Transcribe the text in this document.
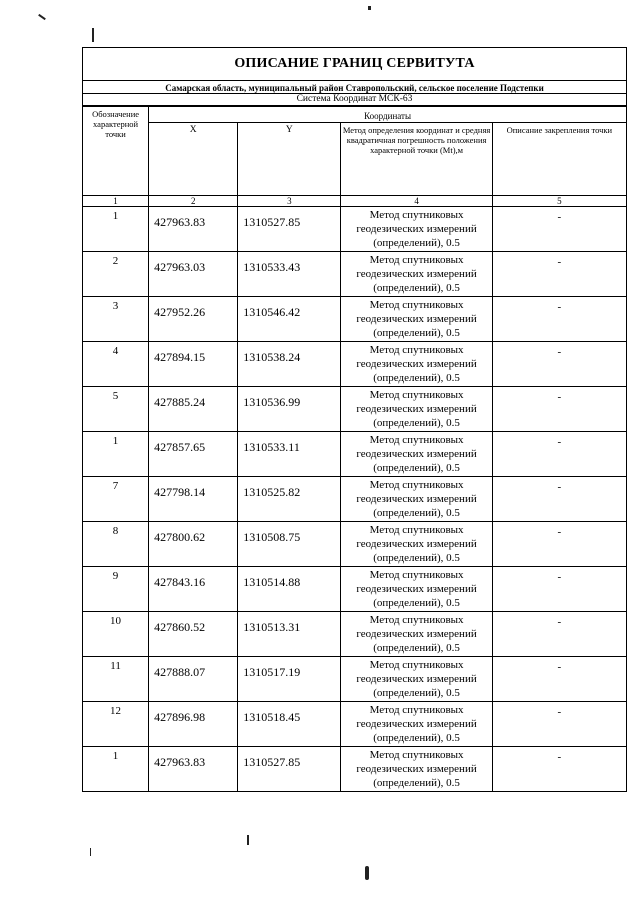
ОПИСАНИЕ ГРАНИЦ СЕРВИТУТА
Самарская область, муниципальный район Ставропольский, сельское поселение Подстепки
Система Координат МСК-63
Обозначение характерной точки	Координаты			
	X	Y	Метод определения координат и средняя квадратичная погрешность положения характерной точки (Mt),м	Описание закрепления точки
1	2	3	4	5
1	427963.83	1310527.85	Метод спутниковых геодезических измерений (определений), 0.5	-
2	427963.03	1310533.43	Метод спутниковых геодезических измерений (определений), 0.5	-
3	427952.26	1310546.42	Метод спутниковых геодезических измерений (определений), 0.5	-
4	427894.15	1310538.24	Метод спутниковых геодезических измерений (определений), 0.5	-
5	427885.24	1310536.99	Метод спутниковых геодезических измерений (определений), 0.5	-
1	427857.65	1310533.11	Метод спутниковых геодезических измерений (определений), 0.5	-
7	427798.14	1310525.82	Метод спутниковых геодезических измерений (определений), 0.5	-
8	427800.62	1310508.75	Метод спутниковых геодезических измерений (определений), 0.5	-
9	427843.16	1310514.88	Метод спутниковых геодезических измерений (определений), 0.5	-
10	427860.52	1310513.31	Метод спутниковых геодезических измерений (определений), 0.5	-
11	427888.07	1310517.19	Метод спутниковых геодезических измерений (определений), 0.5	-
12	427896.98	1310518.45	Метод спутниковых геодезических измерений (определений), 0.5	-
1	427963.83	1310527.85	Метод спутниковых геодезических измерений (определений), 0.5	-
